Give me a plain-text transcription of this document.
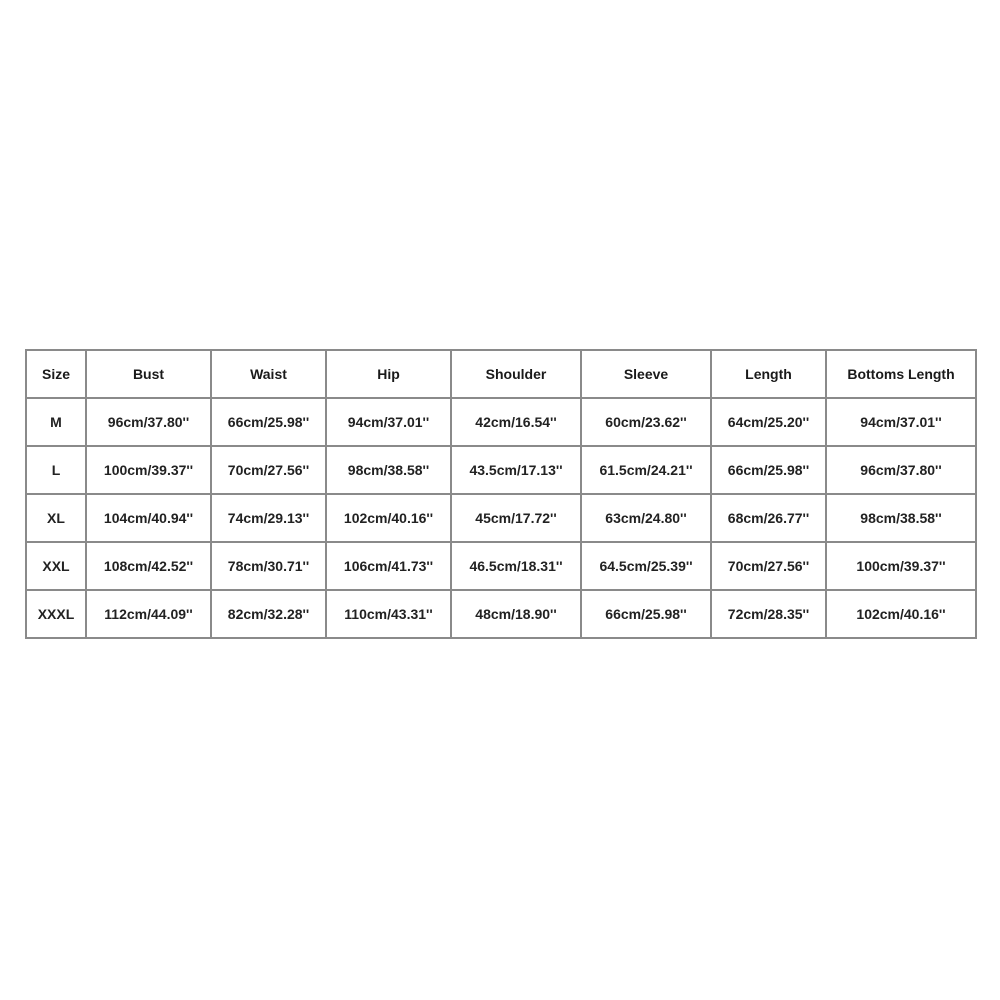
Size	Bust	Waist	Hip	Shoulder	Sleeve	Length	Bottoms Length
M	96cm/37.80''	66cm/25.98''	94cm/37.01''	42cm/16.54''	60cm/23.62''	64cm/25.20''	94cm/37.01''
L	100cm/39.37''	70cm/27.56''	98cm/38.58''	43.5cm/17.13''	61.5cm/24.21''	66cm/25.98''	96cm/37.80''
XL	104cm/40.94''	74cm/29.13''	102cm/40.16''	45cm/17.72''	63cm/24.80''	68cm/26.77''	98cm/38.58''
XXL	108cm/42.52''	78cm/30.71''	106cm/41.73''	46.5cm/18.31''	64.5cm/25.39''	70cm/27.56''	100cm/39.37''
XXXL	112cm/44.09''	82cm/32.28''	110cm/43.31''	48cm/18.90''	66cm/25.98''	72cm/28.35''	102cm/40.16''
